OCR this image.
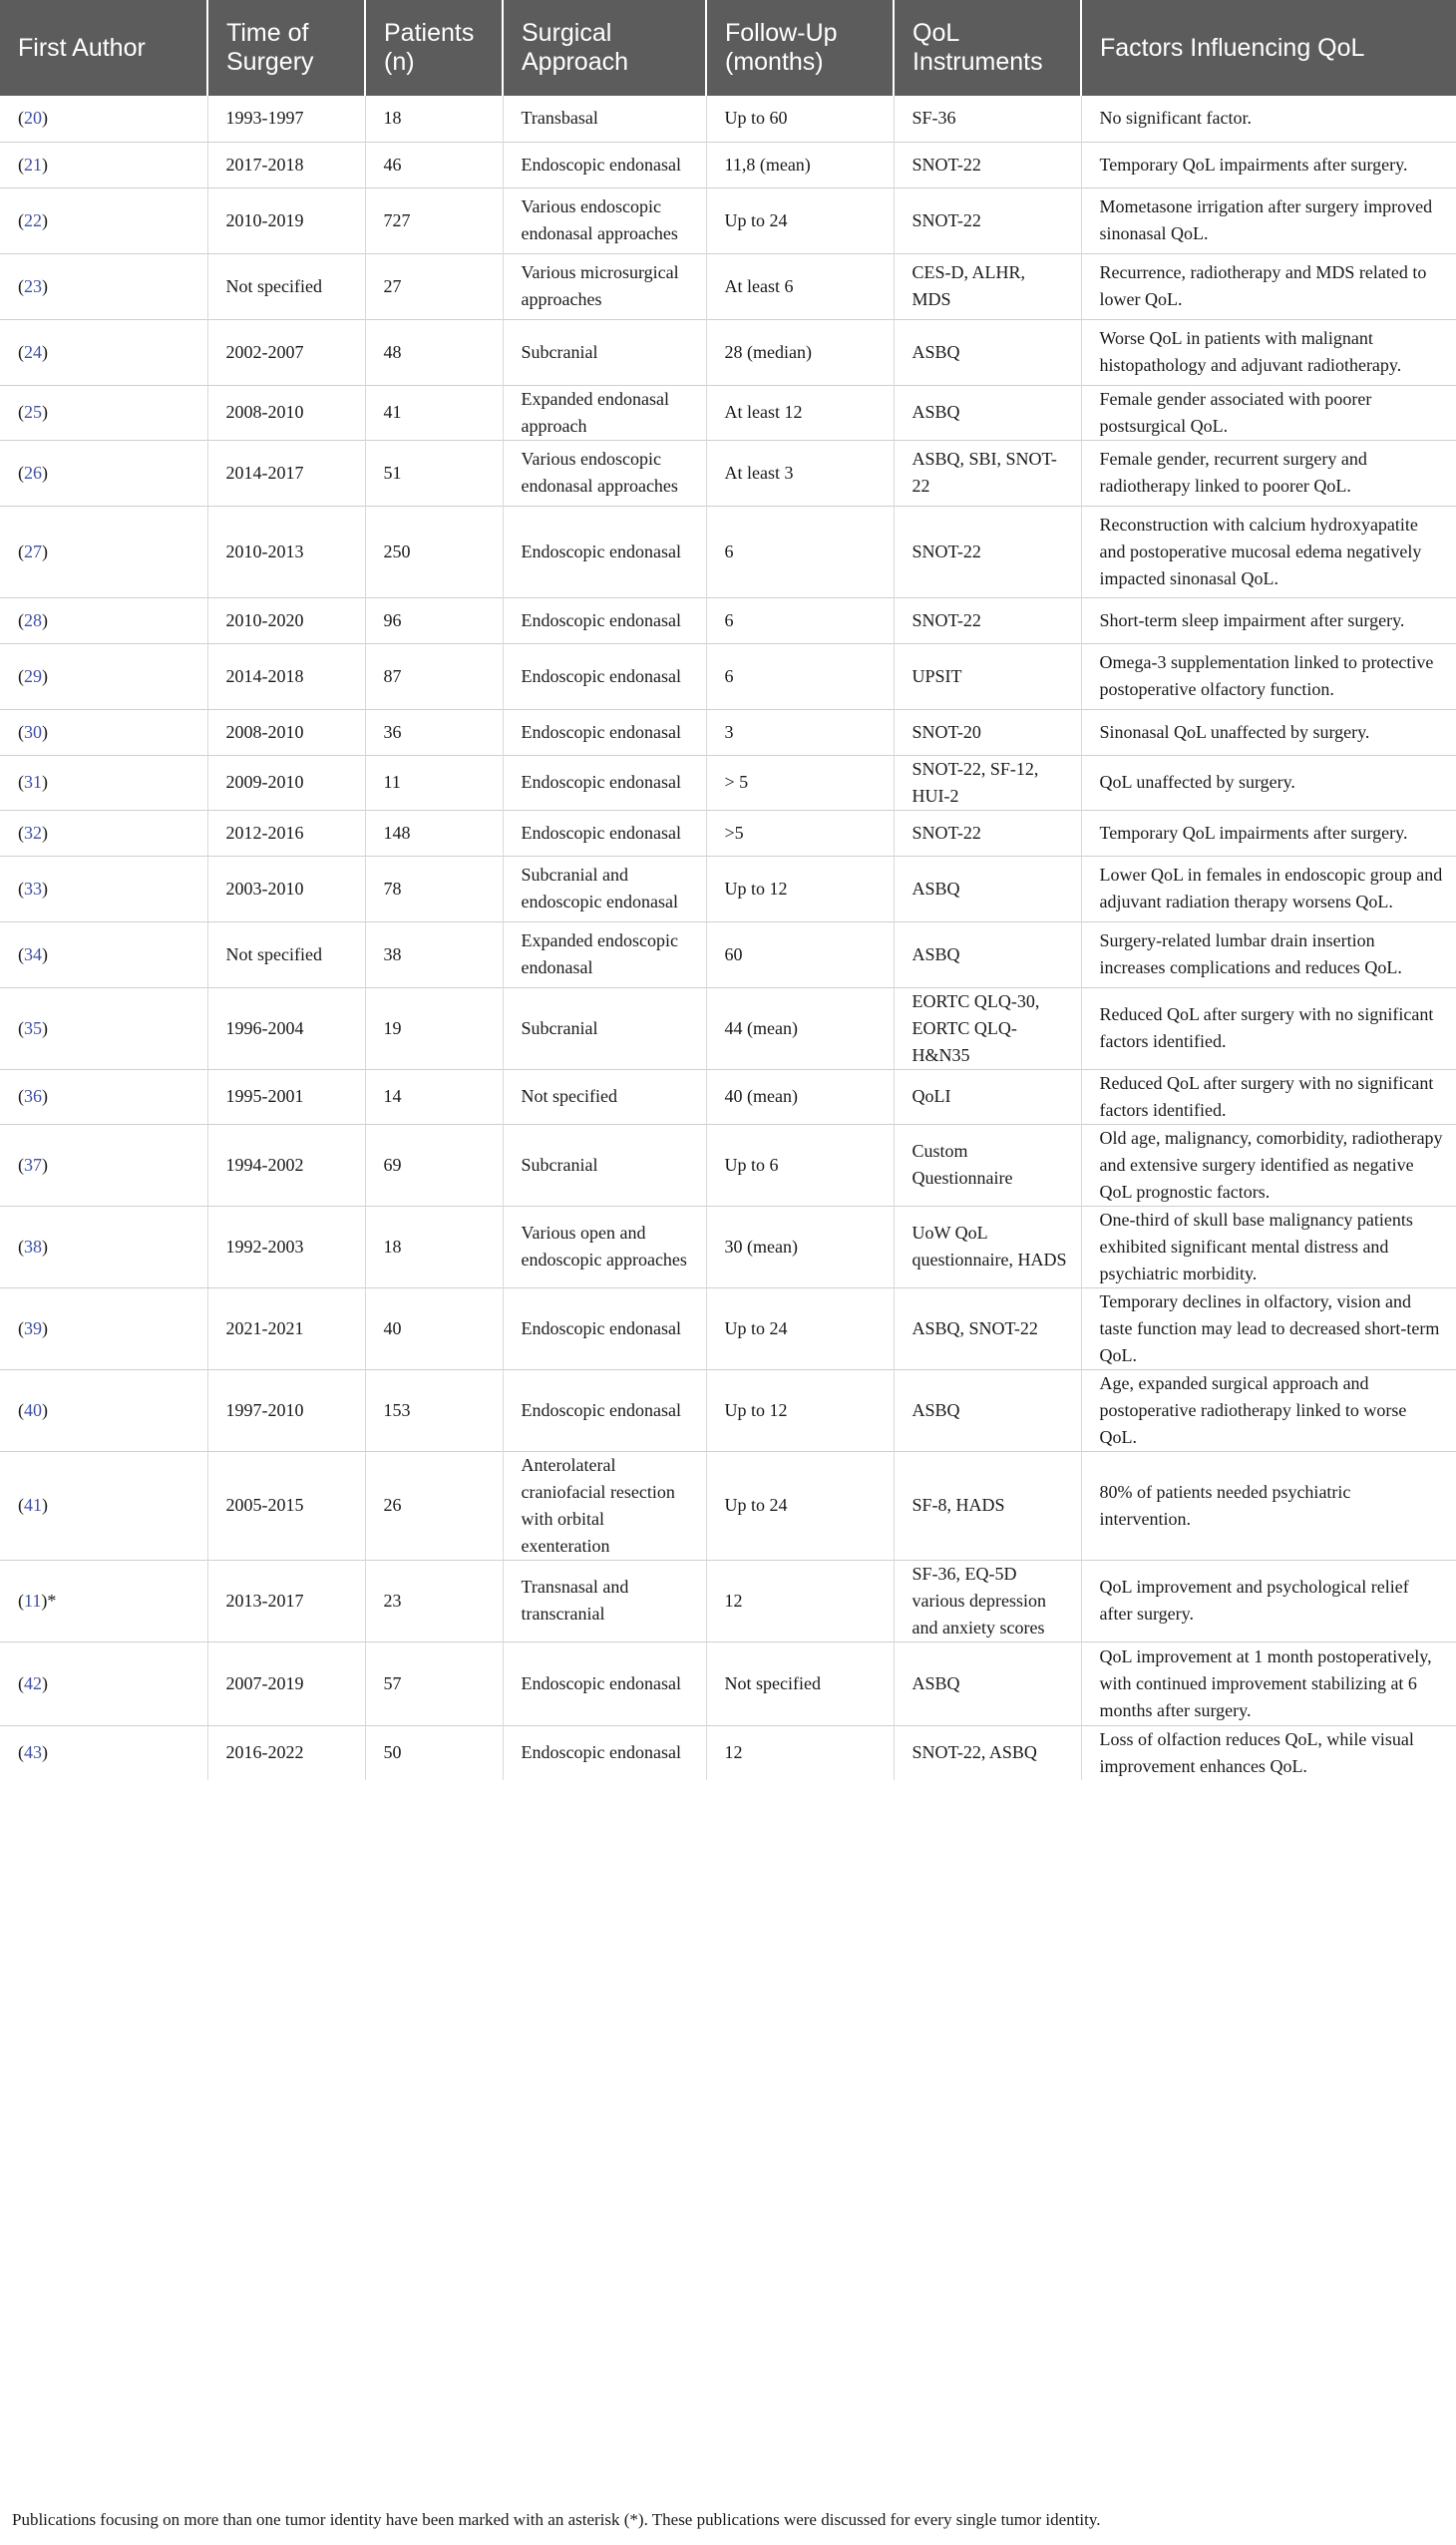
First Author	Time of Surgery	Patients (n)	Surgical Approach	Follow-Up (months)	QoL Instruments	Factors Influencing QoL
(20)	1993-1997	18	Transbasal	Up to 60	SF-36	No significant factor.
(21)	2017-2018	46	Endoscopic endonasal	11,8 (mean)	SNOT-22	Temporary QoL impairments after surgery.
(22)	2010-2019	727	Various endoscopic endonasal approaches	Up to 24	SNOT-22	Mometasone irrigation after surgery improved sinonasal QoL.
(23)	Not specified	27	Various microsurgical approaches	At least 6	CES-D, ALHR, MDS	Recurrence, radiotherapy and MDS related to lower QoL.
(24)	2002-2007	48	Subcranial	28 (median)	ASBQ	Worse QoL in patients with malignant histopathology and adjuvant radiotherapy.
(25)	2008-2010	41	Expanded endonasal approach	At least 12	ASBQ	Female gender associated with poorer postsurgical QoL.
(26)	2014-2017	51	Various endoscopic endonasal approaches	At least 3	ASBQ, SBI, SNOT-22	Female gender, recurrent surgery and radiotherapy linked to poorer QoL.
(27)	2010-2013	250	Endoscopic endonasal	6	SNOT-22	Reconstruction with calcium hydroxyapatite and postoperative mucosal edema negatively impacted sinonasal QoL.
(28)	2010-2020	96	Endoscopic endonasal	6	SNOT-22	Short-term sleep impairment after surgery.
(29)	2014-2018	87	Endoscopic endonasal	6	UPSIT	Omega-3 supplementation linked to protective postoperative olfactory function.
(30)	2008-2010	36	Endoscopic endonasal	3	SNOT-20	Sinonasal QoL unaffected by surgery.
(31)	2009-2010	11	Endoscopic endonasal	> 5	SNOT-22, SF-12, HUI-2	QoL unaffected by surgery.
(32)	2012-2016	148	Endoscopic endonasal	>5	SNOT-22	Temporary QoL impairments after surgery.
(33)	2003-2010	78	Subcranial and endoscopic endonasal	Up to 12	ASBQ	Lower QoL in females in endoscopic group and adjuvant radiation therapy worsens QoL.
(34)	Not specified	38	Expanded endoscopic endonasal	60	ASBQ	Surgery-related lumbar drain insertion increases complications and reduces QoL.
(35)	1996-2004	19	Subcranial	44 (mean)	EORTC QLQ-30, EORTC QLQ-H&N35	Reduced QoL after surgery with no significant factors identified.
(36)	1995-2001	14	Not specified	40 (mean)	QoLI	Reduced QoL after surgery with no significant factors identified.
(37)	1994-2002	69	Subcranial	Up to 6	Custom Questionnaire	Old age, malignancy, comorbidity, radiotherapy and extensive surgery identified as negative QoL prognostic factors.
(38)	1992-2003	18	Various open and endoscopic approaches	30 (mean)	UoW QoL questionnaire, HADS	One-third of skull base malignancy patients exhibited significant mental distress and psychiatric morbidity.
(39)	2021-2021	40	Endoscopic endonasal	Up to 24	ASBQ, SNOT-22	Temporary declines in olfactory, vision and taste function may lead to decreased short-term QoL.
(40)	1997-2010	153	Endoscopic endonasal	Up to 12	ASBQ	Age, expanded surgical approach and postoperative radiotherapy linked to worse QoL.
(41)	2005-2015	26	Anterolateral craniofacial resection with orbital exenteration	Up to 24	SF-8, HADS	80% of patients needed psychiatric intervention.
(11)*	2013-2017	23	Transnasal and transcranial	12	SF-36, EQ-5D various depression and anxiety scores	QoL improvement and psychological relief after surgery.
(42)	2007-2019	57	Endoscopic endonasal	Not specified	ASBQ	QoL improvement at 1 month postoperatively, with continued improvement stabilizing at 6 months after surgery.
(43)	2016-2022	50	Endoscopic endonasal	12	SNOT-22, ASBQ	Loss of olfaction reduces QoL, while visual improvement enhances QoL.
Publications focusing on more than one tumor identity have been marked with an asterisk (*). These publications were discussed for every single tumor identity.
